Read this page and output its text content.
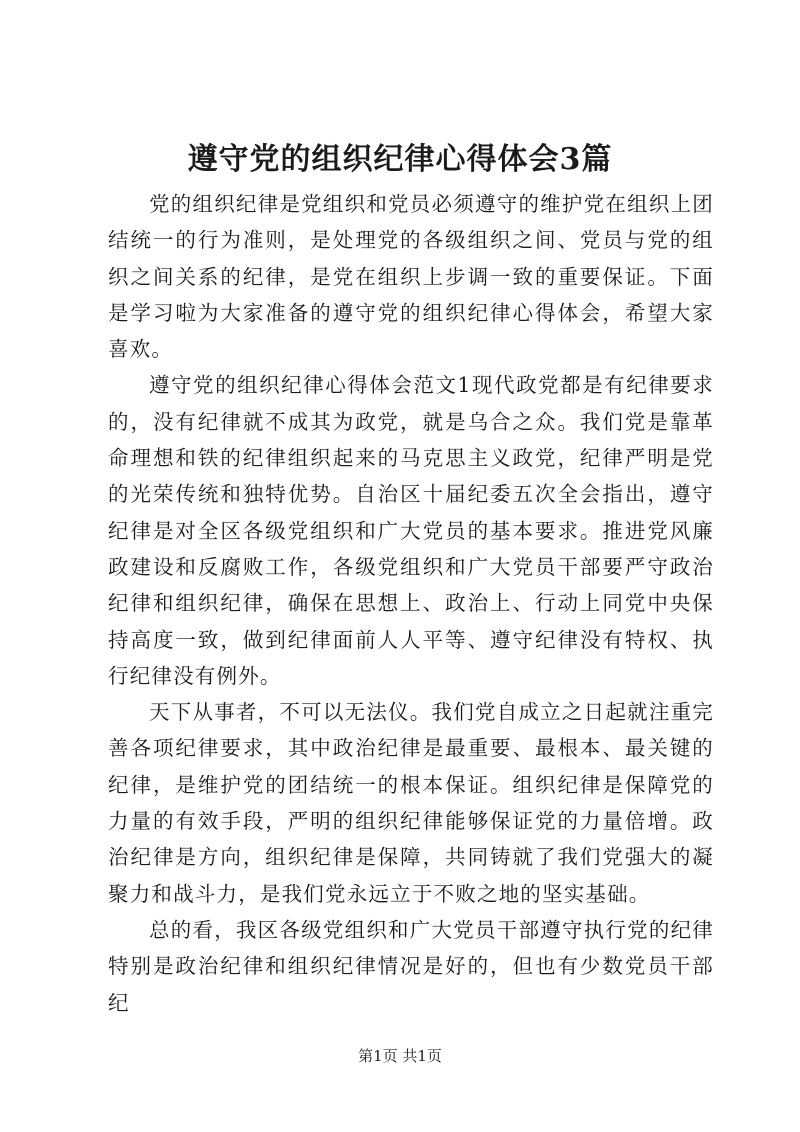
遵守党的组织纪律心得体会3篇

党的组织纪律是党组织和党员必须遵守的维护党在组织上团结统一的行为准则，是处理党的各级组织之间、党员与党的组织之间关系的纪律，是党在组织上步调一致的重要保证。下面是学习啦为大家准备的遵守党的组织纪律心得体会，希望大家喜欢。

遵守党的组织纪律心得体会范文1现代政党都是有纪律要求的，没有纪律就不成其为政党，就是乌合之众。我们党是靠革命理想和铁的纪律组织起来的马克思主义政党，纪律严明是党的光荣传统和独特优势。自治区十届纪委五次全会指出，遵守纪律是对全区各级党组织和广大党员的基本要求。推进党风廉政建设和反腐败工作，各级党组织和广大党员干部要严守政治纪律和组织纪律，确保在思想上、政治上、行动上同党中央保持高度一致，做到纪律面前人人平等、遵守纪律没有特权、执行纪律没有例外。

天下从事者，不可以无法仪。我们党自成立之日起就注重完善各项纪律要求，其中政治纪律是最重要、最根本、最关键的纪律，是维护党的团结统一的根本保证。组织纪律是保障党的力量的有效手段，严明的组织纪律能够保证党的力量倍增。政治纪律是方向，组织纪律是保障，共同铸就了我们党强大的凝聚力和战斗力，是我们党永远立于不败之地的坚实基础。

总的看，我区各级党组织和广大党员干部遵守执行党的纪律特别是政治纪律和组织纪律情况是好的，但也有少数党员干部纪

第1页 共1页
